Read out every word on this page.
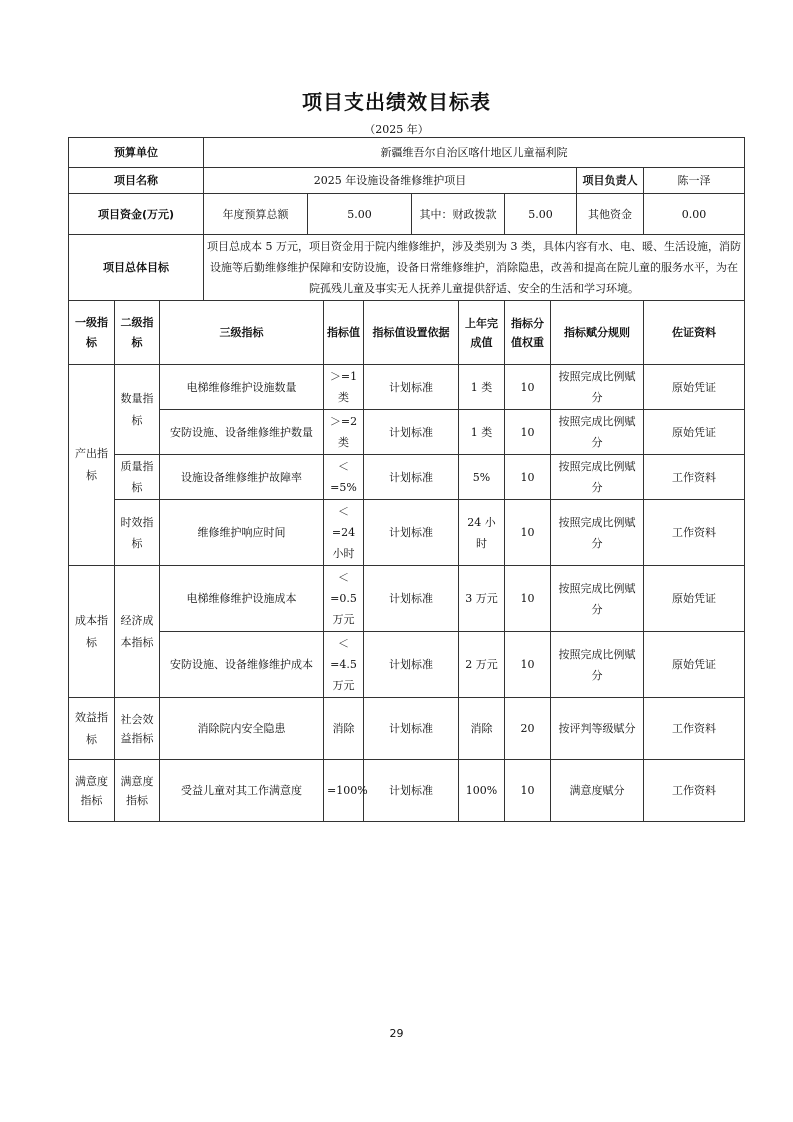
项目支出绩效目标表
（2025 年）
预算单位			新疆维吾尔自治区喀什地区儿童福利院									
项目名称			2025 年设施设备维修维护项目								项目负责人	陈一泽
项目资金(万元)			年度预算总额	5.00			其中：财政拨款		5.00		其他资金	0.00
项目总体目标			项目总成本 5 万元，项目资金用于院内维修维护，涉及类别为 3 类，具体内容有水、电、暖、生活设施，消防设施等后勤维修维护保障和安防设施，设备日常维修维护，消除隐患，改善和提高在院儿童的服务水平，为在院孤残儿童及事实无人抚养儿童提供舒适、安全的生活和学习环境。									
一级指标	二级指标	三级指标			指标值	指标值设置依据		上年完成值	指标分值权重	指标赋分规则		佐证资料
产出指标	数量指标	电梯维修维护设施数量			＞=1 类	计划标准		1 类	10	按照完成比例赋分		原始凭证
		安防设施、设备维修维护数量			＞=2 类	计划标准		1 类	10	按照完成比例赋分		原始凭证
	质量指标	设施设备维修维护故障率			＜=5%	计划标准		5%	10	按照完成比例赋分		工作资料
	时效指标	维修维护响应时间			＜=24 小时	计划标准		24 小时	10	按照完成比例赋分		工作资料
成本指标	经济成本指标	电梯维修维护设施成本			＜ =0.5 万元	计划标准		3 万元	10	按照完成比例赋分		原始凭证
		安防设施、设备维修维护成本			＜ =4.5 万元	计划标准		2 万元	10	按照完成比例赋分		原始凭证
效益指标	社会效益指标	消除院内安全隐患			消除	计划标准		消除	20	按评判等级赋分		工作资料
满意度指标	满意度指标	受益儿童对其工作满意度			=100%	计划标准		100%	10	满意度赋分		工作资料
29
